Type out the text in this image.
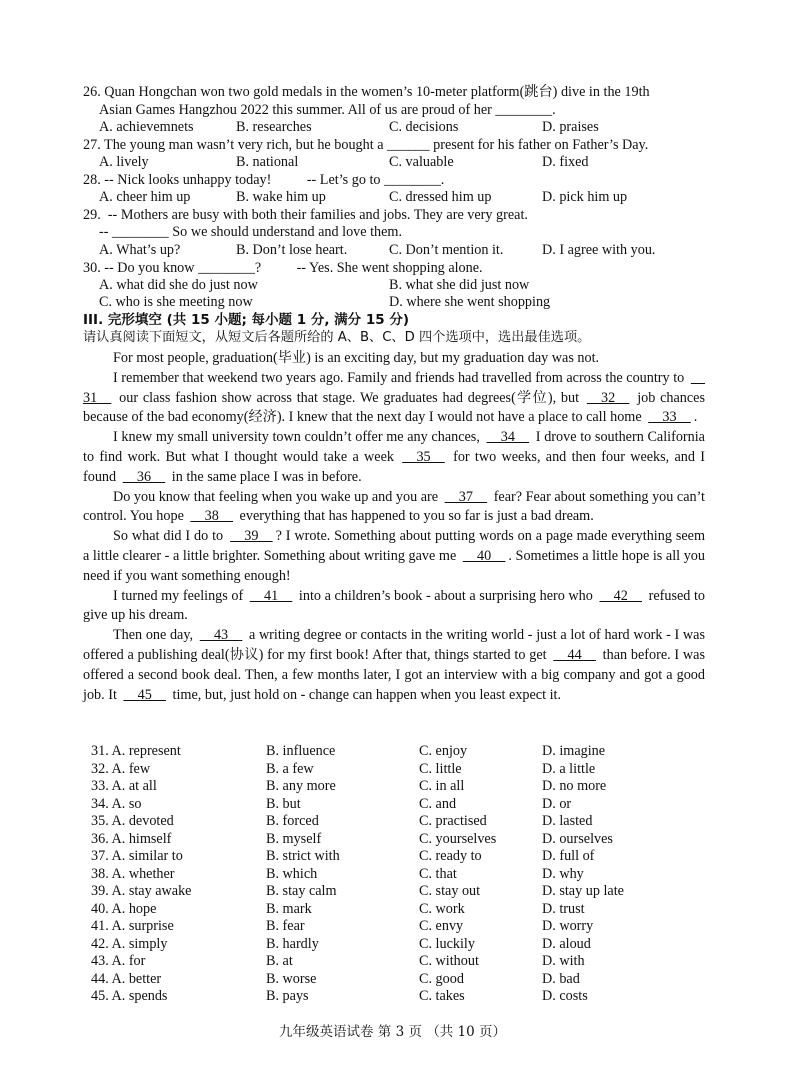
26. Quan Hongchan won two gold medals in the women’s 10-meter platform(跳台) dive in the 19th
Asian Games Hangzhou 2022 this summer. All of us are proud of her ________.
A. achievemnets	B. researches	C. decisions	D. praises
27. The young man wasn’t very rich, but he bought a ______ present for his father on Father’s Day.
A. lively	B. national	C. valuable	D. fixed
28. -- Nick looks unhappy today!          -- Let’s go to ________.
A. cheer him up	B. wake him up	C. dressed him up	D. pick him up
29.  -- Mothers are busy with both their families and jobs. They are very great.
-- ________ So we should understand and love them.
A. What’s up?	B. Don’t lose heart.	C. Don’t mention it.	D. I agree with you.
30. -- Do you know ________?          -- Yes. She went shopping alone.
A. what did she do just now	B. what she did just now
C. who is she meeting now	D. where she went shopping
III. 完形填空 (共 15 小题; 每小题 1 分, 满分 15 分)
请认真阅读下面短文，从短文后各题所给的 A、B、C、D 四个选项中，选出最佳选项。

For most people, graduation(毕业) is an exciting day, but my graduation day was not.

I remember that weekend two years ago. Family and friends had travelled from across the country to  31  our class fashion show across that stage. We graduates had degrees(学位), but  32  job chances because of the bad economy(经济). I knew that the next day I would not have a place to call home  33 .

I knew my small university town couldn’t offer me any chances,  34  I drove to southern California to find work. But what I thought would take a week  35  for two weeks, and then four weeks, and I found  36  in the same place I was in before.

Do you know that feeling when you wake up and you are  37  fear? Fear about something you can’t control. You hope  38  everything that has happened to you so far is just a bad dream.

So what did I do to  39 ? I wrote. Something about putting words on a page made everything seem a little clearer - a little brighter. Something about writing gave me  40 . Sometimes a little hope is all you need if you want something enough!

I turned my feelings of  41  into a children’s book - about a surprising hero who  42  refused to give up his dream.

Then one day,  43  a writing degree or contacts in the writing world - just a lot of hard work - I was offered a publishing deal(协议) for my first book! After that, things started to get  44  than before. I was offered a second book deal. Then, a few months later, I got an interview with a big company and got a good job. It  45  time, but, just hold on - change can happen when you least expect it.

31. A. represent	B. influence	C. enjoy	D. imagine
32. A. few	B. a few	C. little	D. a little
33. A. at all	B. any more	C. in all	D. no more
34. A. so	B. but	C. and	D. or
35. A. devoted	B. forced	C. practised	D. lasted
36. A. himself	B. myself	C. yourselves	D. ourselves
37. A. similar to	B. strict with	C. ready to	D. full of
38. A. whether	B. which	C. that	D. why
39. A. stay awake	B. stay calm	C. stay out	D. stay up late
40. A. hope	B. mark	C. work	D. trust
41. A. surprise	B. fear	C. envy	D. worry
42. A. simply	B. hardly	C. luckily	D. aloud
43. A. for	B. at	C. without	D. with
44. A. better	B. worse	C. good	D. bad
45. A. spends	B. pays	C. takes	D. costs
九年级英语试卷 第 3 页 （共 10 页）
